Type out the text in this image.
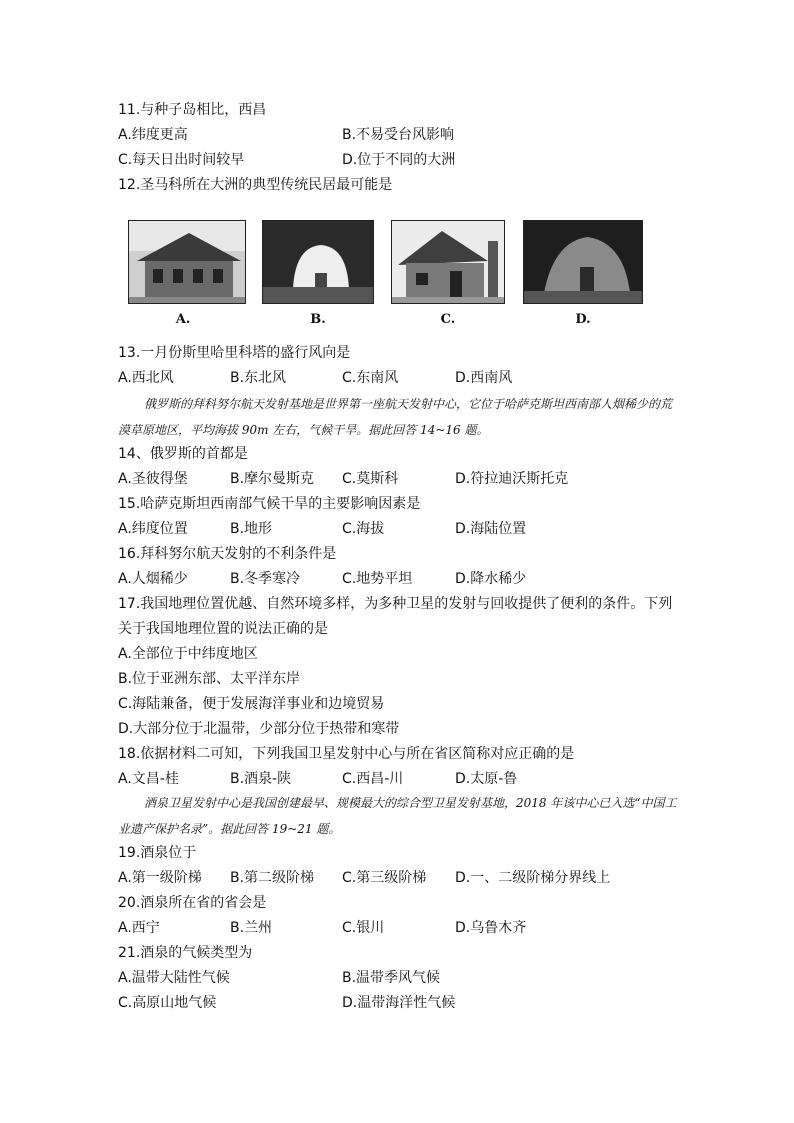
11.与种子岛相比，西昌
A.纬度更高	B.不易受台风影响
C.每天日出时间较早	D.位于不同的大洲
12.圣马科所在大洲的典型传统民居最可能是
A.	B.	C.	D.
13.一月份斯里哈里科塔的盛行风向是
A.西北风	B.东北风	C.东南风	D.西南风
俄罗斯的拜科努尔航天发射基地是世界第一座航天发射中心，它位于哈萨克斯坦西南部人烟稀少的荒漠草原地区，平均海拔 90m 左右，气候干旱。据此回答 14~16 题。
14、俄罗斯的首都是
A.圣彼得堡	B.摩尔曼斯克 C.莫斯科	D.符拉迪沃斯托克
15.哈萨克斯坦西南部气候干旱的主要影响因素是
A.纬度位置	B.地形	C.海拔	D.海陆位置
16.拜科努尔航天发射的不利条件是
A.人烟稀少	B.冬季寒冷	C.地势平坦	D.降水稀少
17.我国地理位置优越、自然环境多样，为多种卫星的发射与回收提供了便利的条件。下列
关于我国地理位置的说法正确的是
A.全部位于中纬度地区
B.位于亚洲东部、太平洋东岸
C.海陆兼备，便于发展海洋事业和边境贸易
D.大部分位于北温带，少部分位于热带和寒带
18.依据材料二可知，下列我国卫星发射中心与所在省区简称对应正确的是
A.文昌-桂	B.酒泉-陕	C.西昌-川	D.太原-鲁
酒泉卫星发射中心是我国创建最早、规模最大的综合型卫星发射基地，2018 年该中心已入选“中国工业遗产保护名录”。据此回答 19~21 题。
19.酒泉位于
A.第一级阶梯 B.第二级阶梯 C.第三级阶梯 D.一、二级阶梯分界线上
20.酒泉所在省的省会是
A.西宁	B.兰州	C.银川	D.乌鲁木齐
21.酒泉的气候类型为
A.温带大陆性气候	B.温带季风气候
C.高原山地气候	D.温带海洋性气候
